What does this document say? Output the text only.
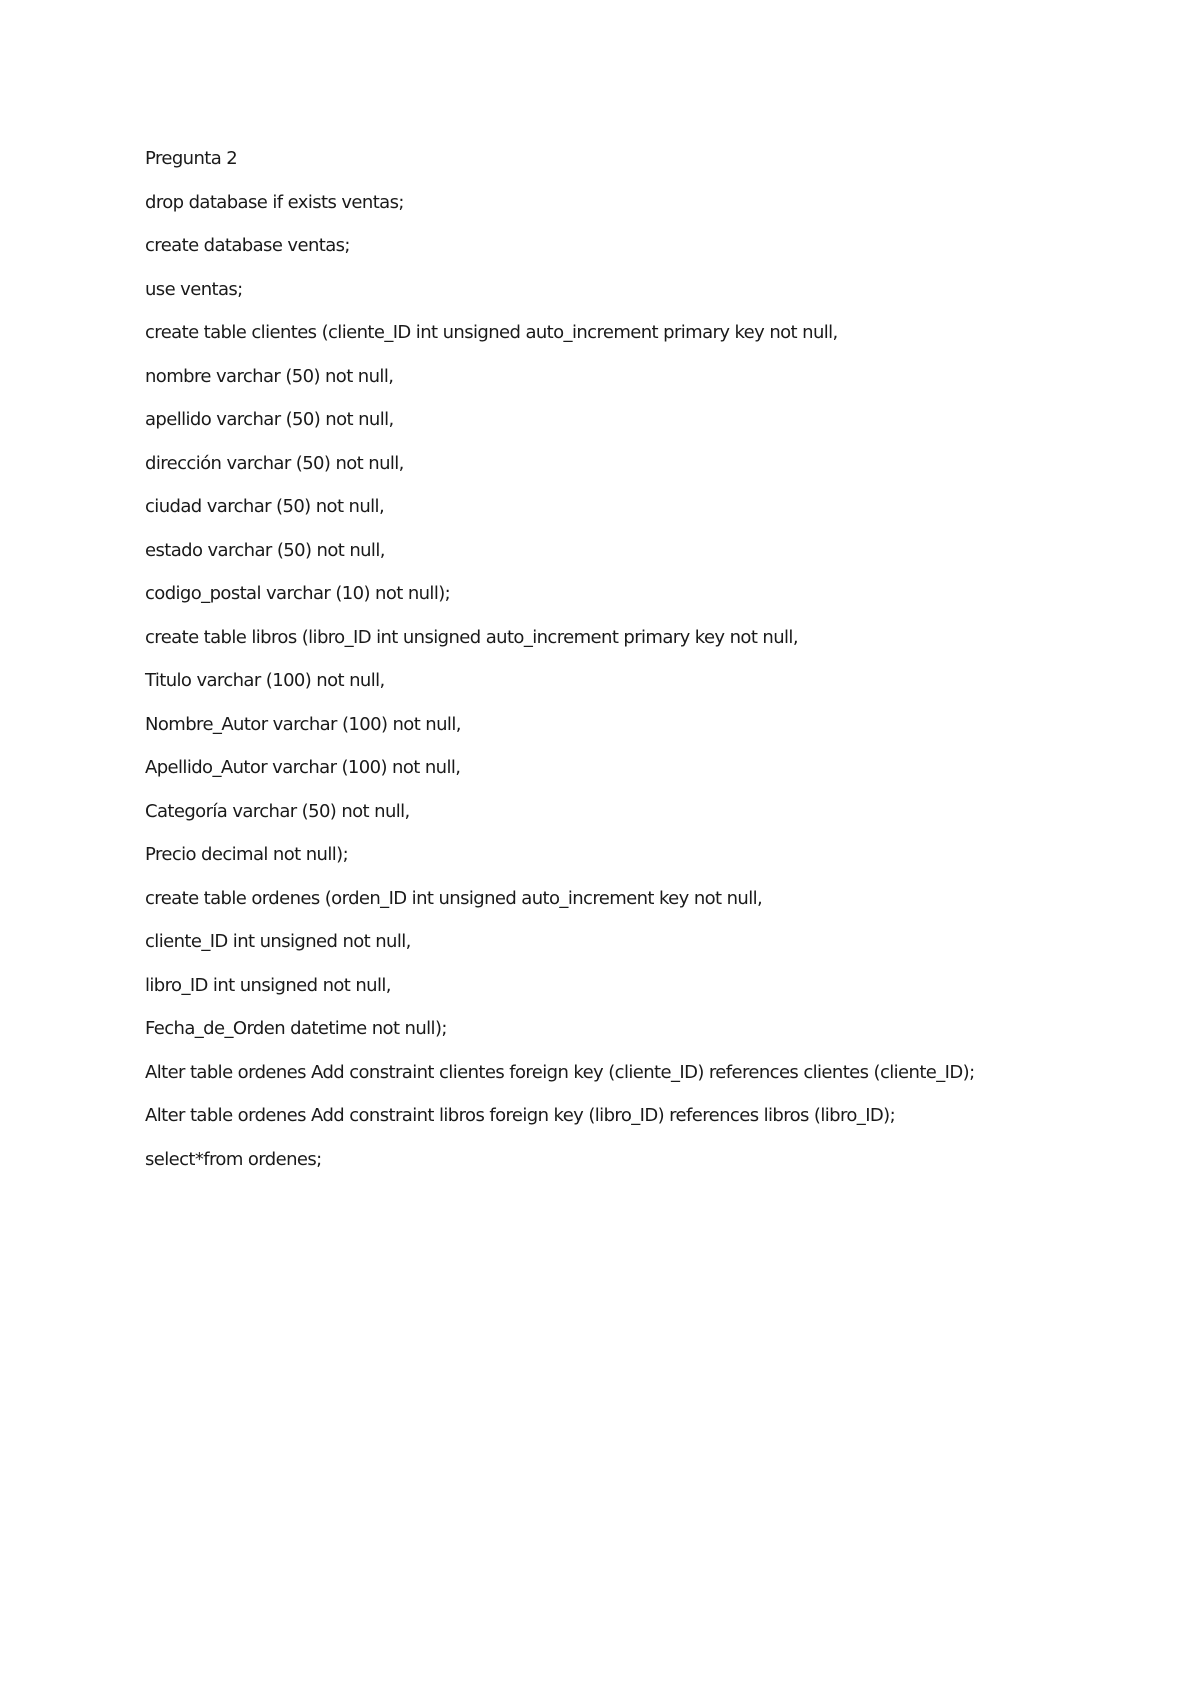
Pregunta 2
drop database if exists ventas;
create database ventas;
use ventas;
create table clientes (cliente_ID int unsigned auto_increment primary key not null,
nombre varchar (50) not null,
apellido varchar (50) not null,
dirección varchar (50) not null,
ciudad varchar (50) not null,
estado varchar (50) not null,
codigo_postal varchar (10) not null);
create table libros (libro_ID int unsigned auto_increment primary key not null,
Titulo varchar (100) not null,
Nombre_Autor varchar (100) not null,
Apellido_Autor varchar (100) not null,
Categoría varchar (50) not null,
Precio decimal not null);
create table ordenes (orden_ID int unsigned auto_increment key not null,
cliente_ID int unsigned not null,
libro_ID int unsigned not null,
Fecha_de_Orden datetime not null);
Alter table ordenes Add constraint clientes foreign key (cliente_ID) references clientes (cliente_ID);
Alter table ordenes Add constraint libros foreign key (libro_ID) references libros (libro_ID);
select*from ordenes;
